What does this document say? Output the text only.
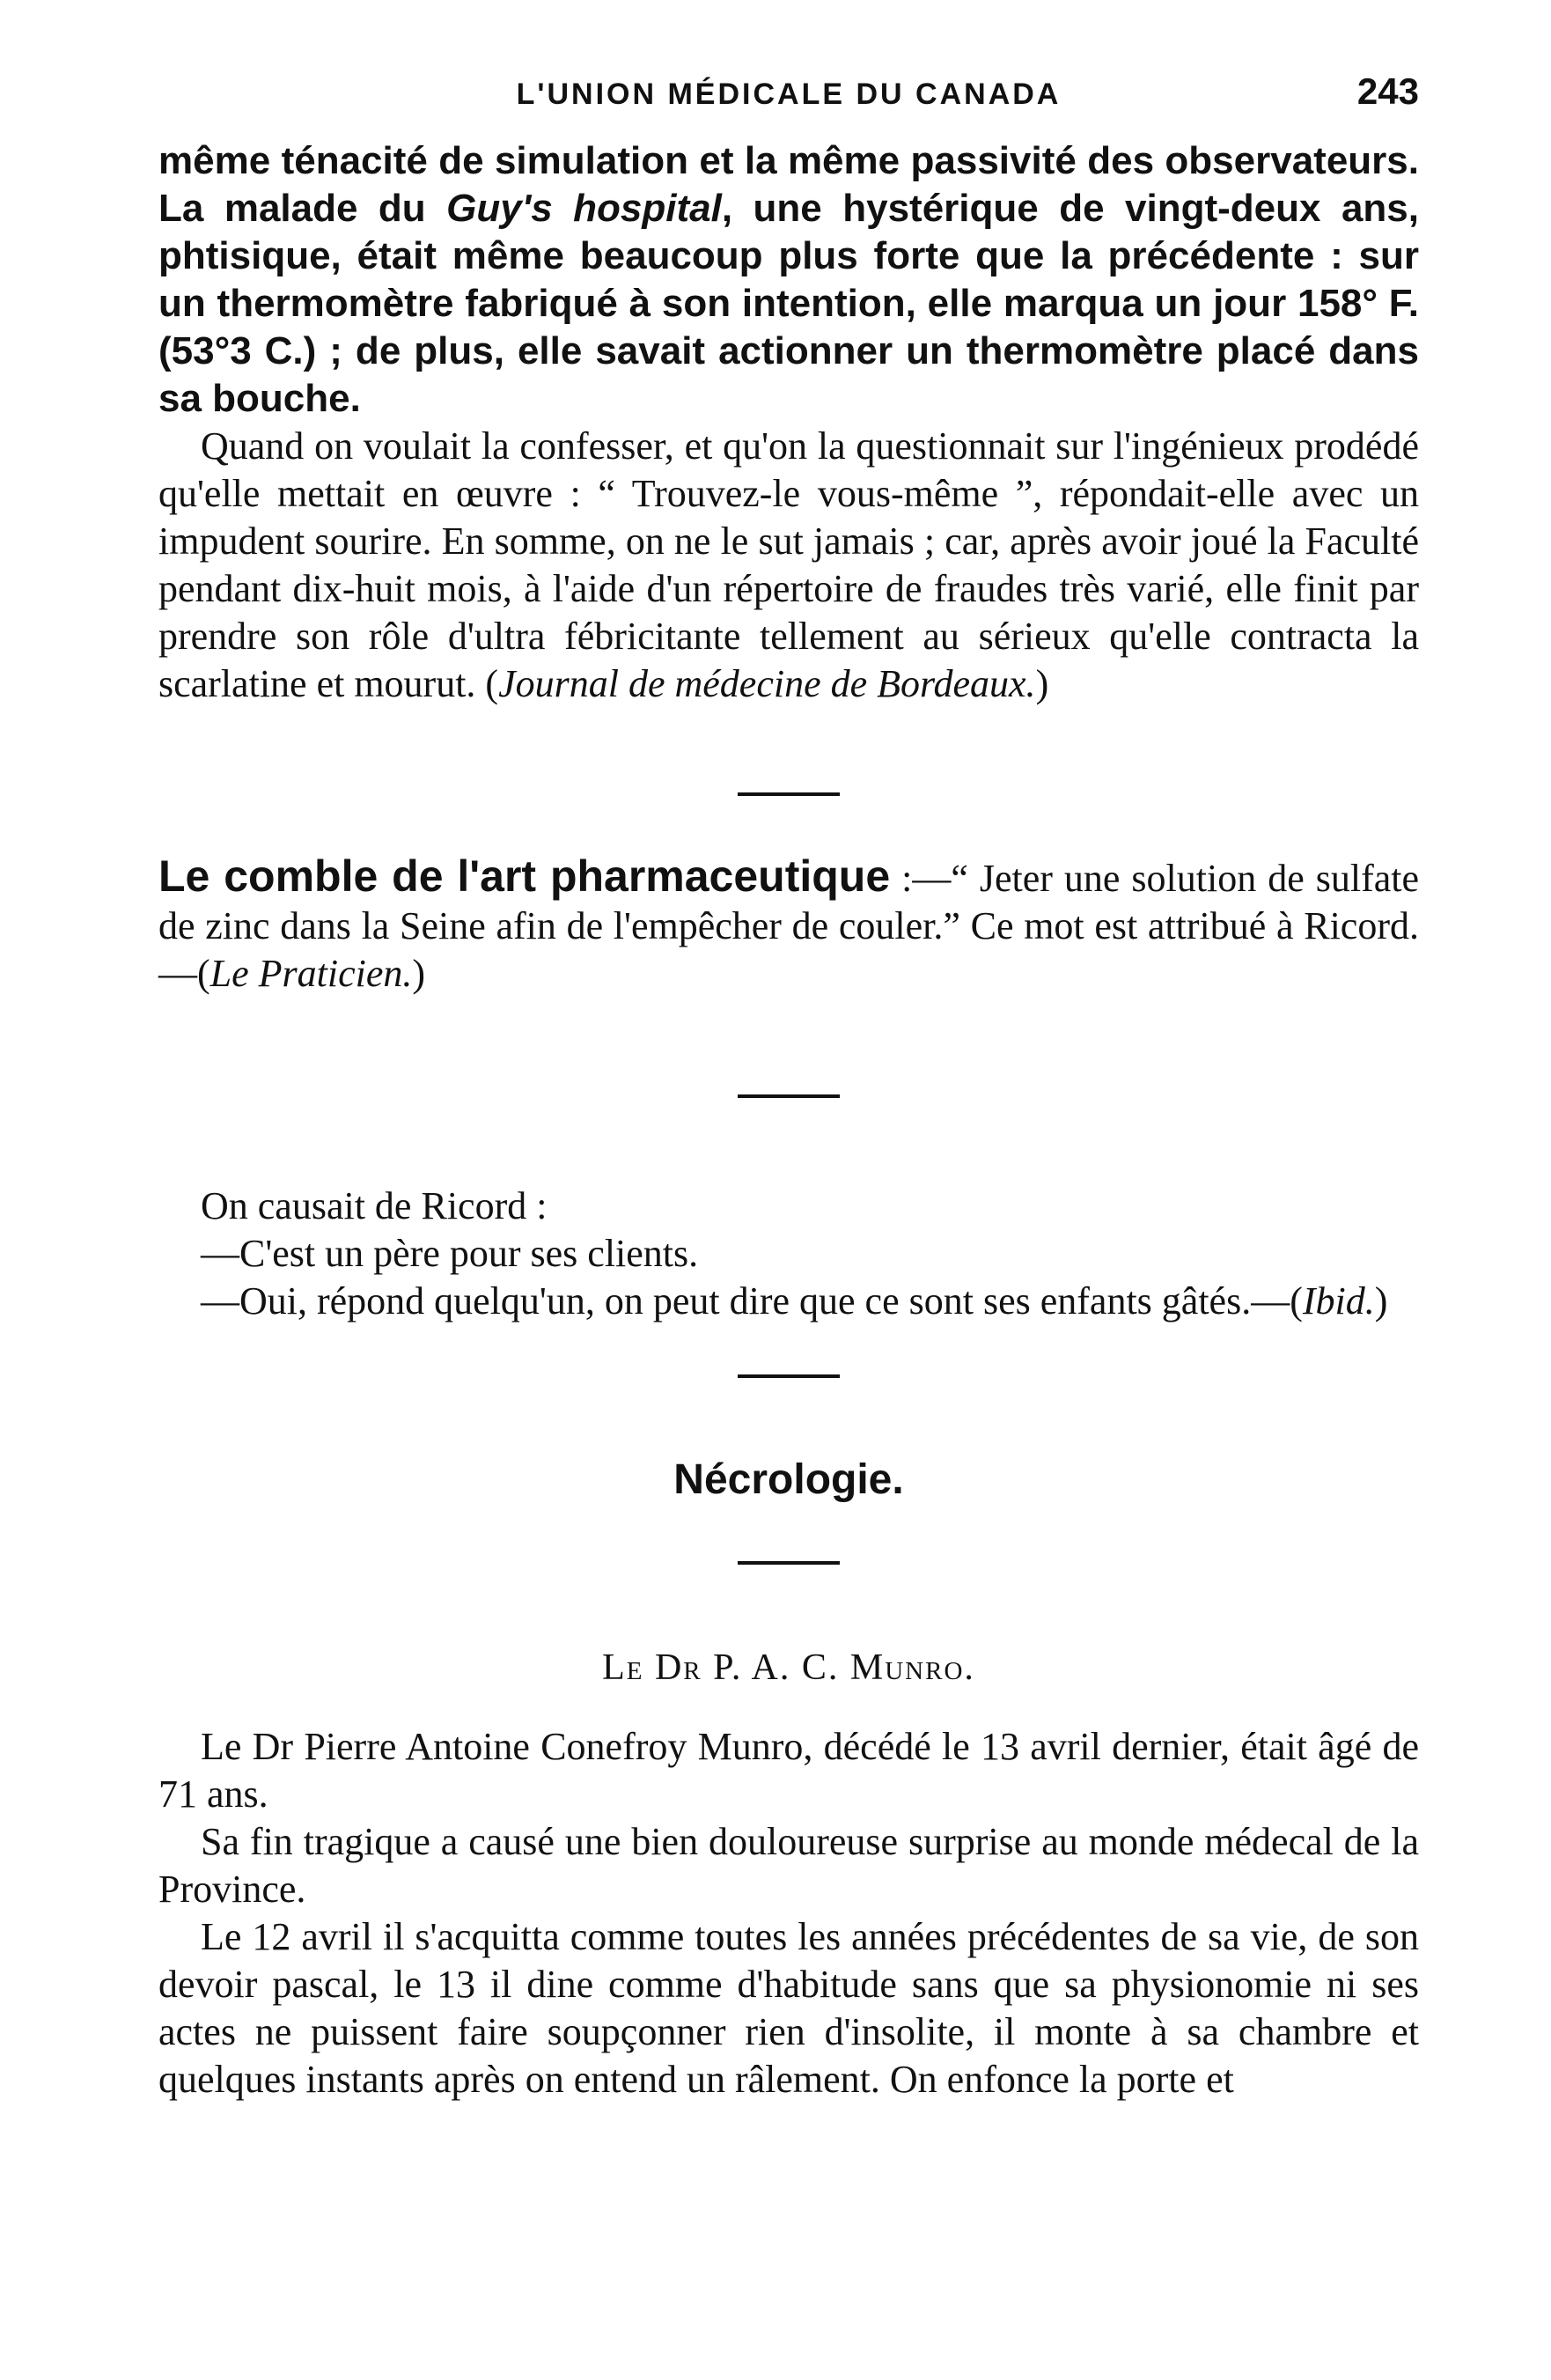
L'UNION MÉDICALE DU CANADA	243

même ténacité de simulation et la même passivité des observateurs. La malade du Guy's hospital, une hystérique de vingt-deux ans, phtisique, était même beaucoup plus forte que la précédente : sur un thermomètre fabriqué à son intention, elle marqua un jour 158° F. (53°3 C.) ; de plus, elle savait actionner un thermomètre placé dans sa bouche.

Quand on voulait la confesser, et qu'on la questionnait sur l'ingénieux prodédé qu'elle mettait en œuvre : “ Trouvez-le vous-même ”, répondait-elle avec un impudent sourire. En somme, on ne le sut jamais ; car, après avoir joué la Faculté pendant dix-huit mois, à l'aide d'un répertoire de fraudes très varié, elle finit par prendre son rôle d'ultra fébricitante tellement au sérieux qu'elle contracta la scarlatine et mourut. (Journal de médecine de Bordeaux.)

Le comble de l'art pharmaceutique :—“ Jeter une solution de sulfate de zinc dans la Seine afin de l'empêcher de couler.” Ce mot est attribué à Ricord.—(Le Praticien.)

On causait de Ricord :

—C'est un père pour ses clients.

—Oui, répond quelqu'un, on peut dire que ce sont ses enfants gâtés.—(Ibid.)

Nécrologie.
Le Dr P. A. C. Munro.

Le Dr Pierre Antoine Conefroy Munro, décédé le 13 avril dernier, était âgé de 71 ans.

Sa fin tragique a causé une bien douloureuse surprise au monde médecal de la Province.

Le 12 avril il s'acquitta comme toutes les années précédentes de sa vie, de son devoir pascal, le 13 il dine comme d'habitude sans que sa physionomie ni ses actes ne puissent faire soupçonner rien d'insolite, il monte à sa chambre et quelques instants après on entend un râlement. On enfonce la porte et
